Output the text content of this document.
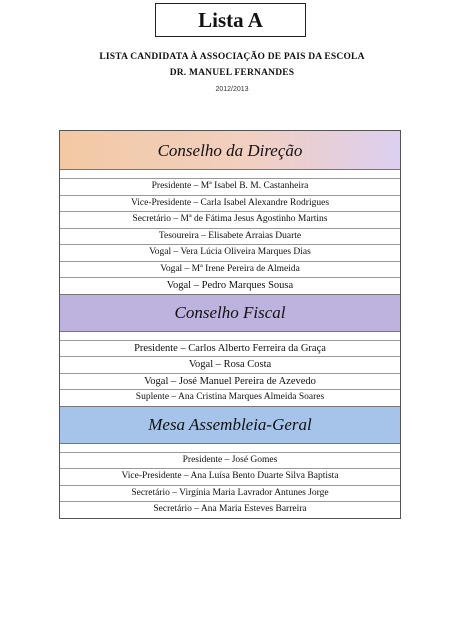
Lista A
LISTA CANDIDATA À ASSOCIAÇÃO DE PAIS DA ESCOLA
DR. MANUEL FERNANDES
2012/2013
Conselho da Direção
Presidente – Mª Isabel B. M. Castanheira
Vice-Presidente – Carla Isabel Alexandre Rodrigues
Secretário – Mª de Fátima Jesus Agostinho Martins
Tesoureira – Elisabete Arraias Duarte
Vogal – Vera Lúcia Oliveira Marques Dias
Vogal – Mª Irene Pereira de Almeida
Vogal – Pedro Marques Sousa
Conselho Fiscal
Presidente – Carlos Alberto Ferreira da Graça
Vogal – Rosa Costa
Vogal – José Manuel Pereira de Azevedo
Suplente – Ana Cristina Marques Almeida Soares
Mesa Assembleia-Geral
Presidente – José Gomes
Vice-Presidente – Ana Luísa Bento Duarte Silva Baptista
Secretário – Virgínia Maria Lavrador Antunes Jorge
Secretário – Ana Maria Esteves Barreira
